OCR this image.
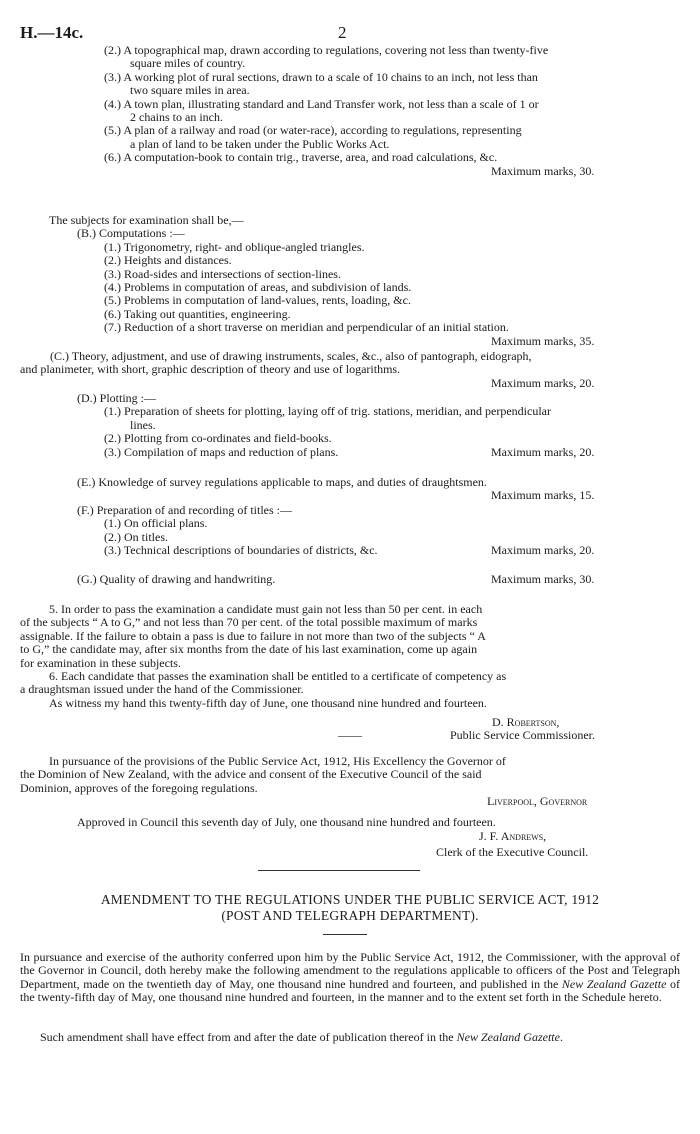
H.—14c.	2
(2.) A topographical map, drawn according to regulations, covering not less than twenty-five
square miles of country.
(3.) A working plot of rural sections, drawn to a scale of 10 chains to an inch, not less than
two square miles in area.
(4.) A town plan, illustrating standard and Land Transfer work, not less than a scale of 1 or
2 chains to an inch.
(5.) A plan of a railway and road (or water-race), according to regulations, representing
a plan of land to be taken under the Public Works Act.
(6.) A computation-book to contain trig., traverse, area, and road calculations, &c.
Maximum marks, 30.
The subjects for examination shall be,—
(B.) Computations :—
(1.) Trigonometry, right- and oblique-angled triangles.
(2.) Heights and distances.
(3.) Road-sides and intersections of section-lines.
(4.) Problems in computation of areas, and subdivision of lands.
(5.) Problems in computation of land-values, rents, loading, &c.
(6.) Taking out quantities, engineering.
(7.) Reduction of a short traverse on meridian and perpendicular of an initial station.
Maximum marks, 35.
(C.) Theory, adjustment, and use of drawing instruments, scales, &c., also of pantograph, eidograph,
and planimeter, with short, graphic description of theory and use of logarithms.
Maximum marks, 20.
(D.) Plotting :—
(1.) Preparation of sheets for plotting, laying off of trig. stations, meridian, and perpendicular
lines.
(2.) Plotting from co-ordinates and field-books.
(3.) Compilation of maps and reduction of plans.	Maximum marks, 20.
(E.) Knowledge of survey regulations applicable to maps, and duties of draughtsmen.
Maximum marks, 15.
(F.) Preparation of and recording of titles :—
(1.) On official plans.
(2.) On titles.
(3.) Technical descriptions of boundaries of districts, &c.	Maximum marks, 20.
(G.) Quality of drawing and handwriting.	Maximum marks, 30.
5. In order to pass the examination a candidate must gain not less than 50 per cent. in each
of the subjects “ A to G,” and not less than 70 per cent. of the total possible maximum of marks
assignable. If the failure to obtain a pass is due to failure in not more than two of the subjects “ A
to G,” the candidate may, after six months from the date of his last examination, come up again
for examination in these subjects.
6. Each candidate that passes the examination shall be entitled to a certificate of competency as
a draughtsman issued under the hand of the Commissioner.
As witness my hand this twenty-fifth day of June, one thousand nine hundred and fourteen.
D. Robertson,
——	Public Service Commissioner.
In pursuance of the provisions of the Public Service Act, 1912, His Excellency the Governor of
the Dominion of New Zealand, with the advice and consent of the Executive Council of the said
Dominion, approves of the foregoing regulations.
Liverpool, Governor
Approved in Council this seventh day of July, one thousand nine hundred and fourteen.
J. F. Andrews,
Clerk of the Executive Council.
AMENDMENT TO THE REGULATIONS UNDER THE PUBLIC SERVICE ACT, 1912
(POST AND TELEGRAPH DEPARTMENT).
In pursuance and exercise of the authority conferred upon him by the Public Service Act, 1912, the Commissioner, with the approval of the Governor in Council, doth hereby make the following amendment to the regulations applicable to officers of the Post and Telegraph Department, made on the twentieth day of May, one thousand nine hundred and fourteen, and published in the New Zealand Gazette of the twenty-fifth day of May, one thousand nine hundred and fourteen, in the manner and to the extent set forth in the Schedule hereto.
Such amendment shall have effect from and after the date of publication thereof in the New Zealand Gazette.
